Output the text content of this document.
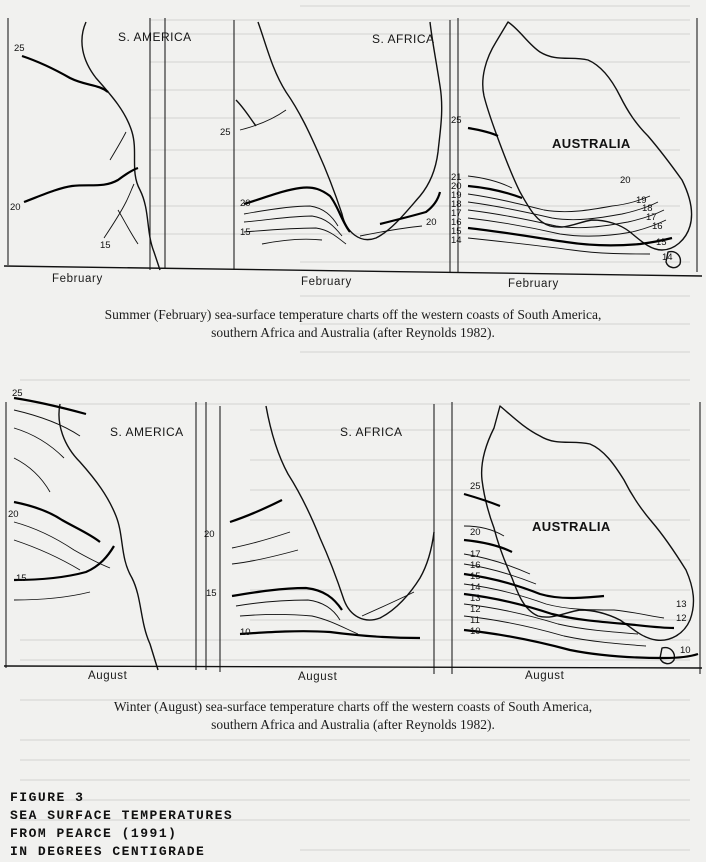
S. AMERICA	S. AFRICA
AUSTRALIA
25
20
15
25
20
15
20
25
21
20
19
18
17
16
15
14
20
19
18
17
16
15
14
February	February	February
Summer (February) sea-surface temperature charts off the western coasts of South America,
southern Africa and Australia (after Reynolds 1982).
S. AMERICA	S. AFRICA
AUSTRALIA
25
20
15
20
15
10
25
20
17
16
15
14
13
12
11
10
13
12
10
August	August	August
Winter (August) sea-surface temperature charts off the western coasts of South America,
southern Africa and Australia (after Reynolds 1982).
FIGURE 3
SEA SURFACE TEMPERATURES
FROM PEARCE (1991)
IN DEGREES CENTIGRADE
